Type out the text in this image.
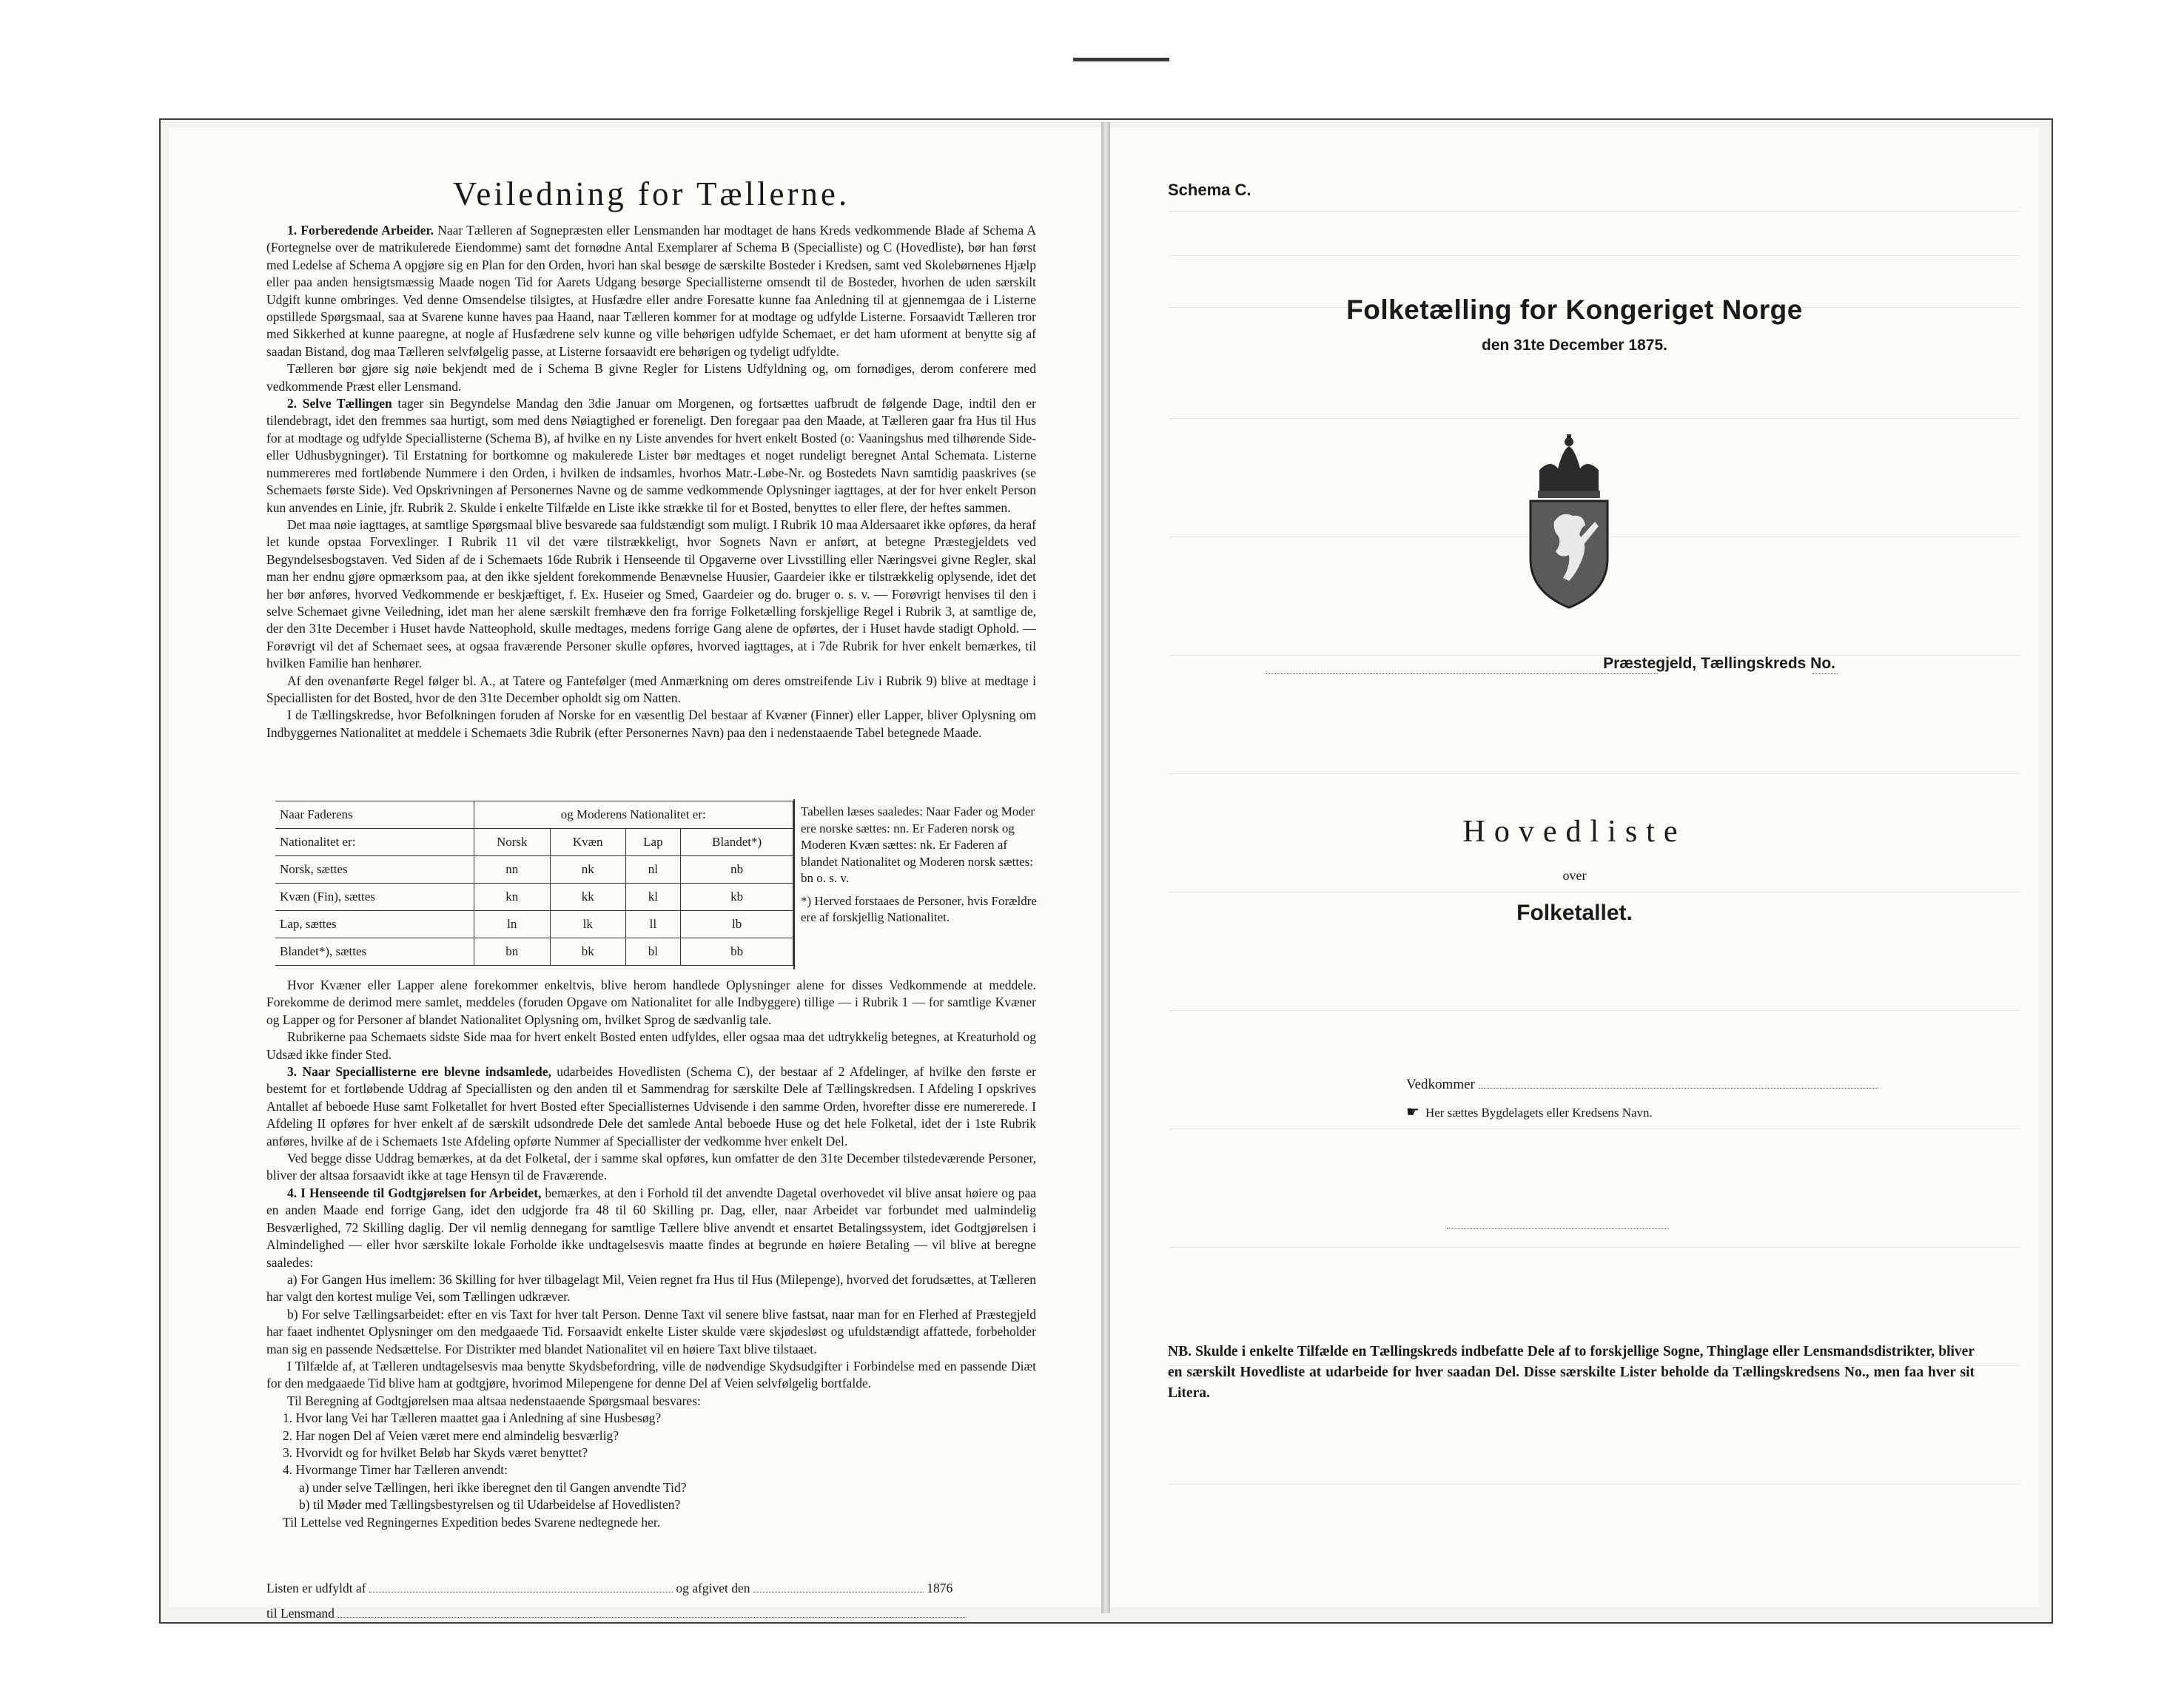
Veiledning for Tællerne.

1. Forberedende Arbeider. Naar Tælleren af Sognepræsten eller Lensmanden har modtaget de hans Kreds vedkommende Blade af Schema A (Fortegnelse over de matrikulerede Eiendomme) samt det fornødne Antal Exemplarer af Schema B (Specialliste) og C (Hovedliste), bør han først med Ledelse af Schema A opgjøre sig en Plan for den Orden, hvori han skal besøge de særskilte Bosteder i Kredsen, samt ved Skolebørnenes Hjælp eller paa anden hensigtsmæssig Maade nogen Tid for Aarets Udgang besørge Speciallisterne omsendt til de Bosteder, hvorhen de uden særskilt Udgift kunne ombringes. Ved denne Omsendelse tilsigtes, at Husfædre eller andre Foresatte kunne faa Anledning til at gjennemgaa de i Listerne opstillede Spørgsmaal, saa at Svarene kunne haves paa Haand, naar Tælleren kommer for at modtage og udfylde Listerne. Forsaavidt Tælleren tror med Sikkerhed at kunne paaregne, at nogle af Husfædrene selv kunne og ville behørigen udfylde Schemaet, er det ham uforment at benytte sig af saadan Bistand, dog maa Tælleren selvfølgelig passe, at Listerne forsaavidt ere behørigen og tydeligt udfyldte.

Tælleren bør gjøre sig nøie bekjendt med de i Schema B givne Regler for Listens Udfyldning og, om fornødiges, derom conferere med vedkommende Præst eller Lensmand.

2. Selve Tællingen tager sin Begyndelse Mandag den 3die Januar om Morgenen, og fortsættes uafbrudt de følgende Dage, indtil den er tilendebragt, idet den fremmes saa hurtigt, som med dens Nøiagtighed er foreneligt. Den foregaar paa den Maade, at Tælleren gaar fra Hus til Hus for at modtage og udfylde Speciallisterne (Schema B), af hvilke en ny Liste anvendes for hvert enkelt Bosted (o: Vaaningshus med tilhørende Side- eller Udhusbygninger). Til Erstatning for bortkomne og makulerede Lister bør medtages et noget rundeligt beregnet Antal Schemata. Listerne nummereres med fortløbende Nummere i den Orden, i hvilken de indsamles, hvorhos Matr.-Løbe-Nr. og Bostedets Navn samtidig paaskrives (se Schemaets første Side). Ved Opskrivningen af Personernes Navne og de samme vedkommende Oplysninger iagttages, at der for hver enkelt Person kun anvendes en Linie, jfr. Rubrik 2. Skulde i enkelte Tilfælde en Liste ikke strække til for et Bosted, benyttes to eller flere, der heftes sammen.

Det maa nøie iagttages, at samtlige Spørgsmaal blive besvarede saa fuldstændigt som muligt. I Rubrik 10 maa Aldersaaret ikke opføres, da heraf let kunde opstaa Forvexlinger. I Rubrik 11 vil det være tilstrækkeligt, hvor Sognets Navn er anført, at betegne Præstegjeldets ved Begyndelsesbogstaven. Ved Siden af de i Schemaets 16de Rubrik i Henseende til Opgaverne over Livsstilling eller Næringsvei givne Regler, skal man her endnu gjøre opmærksom paa, at den ikke sjeldent forekommende Benævnelse Huusier, Gaardeier ikke er tilstrækkelig oplysende, idet det her bør anføres, hvorved Vedkommende er beskjæftiget, f. Ex. Huseier og Smed, Gaardeier og do. bruger o. s. v. — Forøvrigt henvises til den i selve Schemaet givne Veiledning, idet man her alene særskilt fremhæve den fra forrige Folketælling forskjellige Regel i Rubrik 3, at samtlige de, der den 31te December i Huset havde Natteophold, skulle medtages, medens forrige Gang alene de opførtes, der i Huset havde stadigt Ophold. — Forøvrigt vil det af Schemaet sees, at ogsaa fraværende Personer skulle opføres, hvorved iagttages, at i 7de Rubrik for hver enkelt bemærkes, til hvilken Familie han henhører.

Af den ovenanførte Regel følger bl. A., at Tatere og Fantefølger (med Anmærkning om deres omstreifende Liv i Rubrik 9) blive at medtage i Speciallisten for det Bosted, hvor de den 31te December opholdt sig om Natten.

I de Tællingskredse, hvor Befolkningen foruden af Norske for en væsentlig Del bestaar af Kvæner (Finner) eller Lapper, bliver Oplysning om Indbyggernes Nationalitet at meddele i Schemaets 3die Rubrik (efter Personernes Navn) paa den i nedenstaaende Tabel betegnede Maade.

Naar Faderens	og Moderens Nationalitet er:			
Nationalitet er:	Norsk	Kvæn	Lap	Blandet*)
Norsk, sættes	nn	nk	nl	nb
Kvæn (Fin), sættes	kn	kk	kl	kb
Lap, sættes	ln	lk	ll	lb
Blandet*), sættes	bn	bk	bl	bb
Tabellen læses saaledes: Naar Fader og Moder ere norske sættes: nn. Er Faderen norsk og Moderen Kvæn sættes: nk. Er Faderen af blandet Nationalitet og Moderen norsk sættes: bn o. s. v.
*) Herved forstaaes de Personer, hvis Forældre ere af forskjellig Nationalitet.

Hvor Kvæner eller Lapper alene forekommer enkeltvis, blive herom handlede Oplysninger alene for disses Vedkommende at meddele. Forekomme de derimod mere samlet, meddeles (foruden Opgave om Nationalitet for alle Indbyggere) tillige — i Rubrik 1 — for samtlige Kvæner og Lapper og for Personer af blandet Nationalitet Oplysning om, hvilket Sprog de sædvanlig tale.

Rubrikerne paa Schemaets sidste Side maa for hvert enkelt Bosted enten udfyldes, eller ogsaa maa det udtrykkelig betegnes, at Kreaturhold og Udsæd ikke finder Sted.

3. Naar Speciallisterne ere blevne indsamlede, udarbeides Hovedlisten (Schema C), der bestaar af 2 Afdelinger, af hvilke den første er bestemt for et fortløbende Uddrag af Speciallisten og den anden til et Sammendrag for særskilte Dele af Tællingskredsen. I Afdeling I opskrives Antallet af beboede Huse samt Folketallet for hvert Bosted efter Speciallisternes Udvisende i den samme Orden, hvorefter disse ere numererede. I Afdeling II opføres for hver enkelt af de særskilt udsondrede Dele det samlede Antal beboede Huse og det hele Folketal, idet der i 1ste Rubrik anføres, hvilke af de i Schemaets 1ste Afdeling opførte Nummer af Speciallister der vedkomme hver enkelt Del.

Ved begge disse Uddrag bemærkes, at da det Folketal, der i samme skal opføres, kun omfatter de den 31te December tilstedeværende Personer, bliver der altsaa forsaavidt ikke at tage Hensyn til de Fraværende.

4. I Henseende til Godtgjørelsen for Arbeidet, bemærkes, at den i Forhold til det anvendte Dagetal overhovedet vil blive ansat høiere og paa en anden Maade end forrige Gang, idet den udgjorde fra 48 til 60 Skilling pr. Dag, eller, naar Arbeidet var forbundet med ualmindelig Besværlighed, 72 Skilling daglig. Der vil nemlig dennegang for samtlige Tællere blive anvendt et ensartet Betalingssystem, idet Godtgjørelsen i Almindelighed — eller hvor særskilte lokale Forholde ikke undtagelsesvis maatte findes at begrunde en høiere Betaling — vil blive at beregne saaledes:

a) For Gangen Hus imellem: 36 Skilling for hver tilbagelagt Mil, Veien regnet fra Hus til Hus (Milepenge), hvorved det forudsættes, at Tælleren har valgt den kortest mulige Vei, som Tællingen udkræver.

b) For selve Tællingsarbeidet: efter en vis Taxt for hver talt Person. Denne Taxt vil senere blive fastsat, naar man for en Flerhed af Præstegjeld har faaet indhentet Oplysninger om den medgaaede Tid. Forsaavidt enkelte Lister skulde være skjødesløst og ufuldstændigt affattede, forbeholder man sig en passende Nedsættelse. For Distrikter med blandet Nationalitet vil en høiere Taxt blive tilstaaet.

I Tilfælde af, at Tælleren undtagelsesvis maa benytte Skydsbefordring, ville de nødvendige Skydsudgifter i Forbindelse med en passende Diæt for den medgaaede Tid blive ham at godtgjøre, hvorimod Milepengene for denne Del af Veien selvfølgelig bortfalde.

Til Beregning af Godtgjørelsen maa altsaa nedenstaaende Spørgsmaal besvares:

1. Hvor lang Vei har Tælleren maattet gaa i Anledning af sine Husbesøg?
2. Har nogen Del af Veien været mere end almindelig besværlig?
3. Hvorvidt og for hvilket Beløb har Skyds været benyttet?
4. Hvormange Timer har Tælleren anvendt:
a) under selve Tællingen, heri ikke iberegnet den til Gangen anvendte Tid?
b) til Møder med Tællingsbestyrelsen og til Udarbeidelse af Hovedlisten?
Til Lettelse ved Regningernes Expedition bedes Svarene nedtegnede her.
Listen er udfyldt af	og afgivet den	1876
til Lensmand
Schema C.
Folketælling for Kongeriget Norge
den 31te December 1875.
Præstegjeld, Tællingskreds No.
Hovedliste
over
Folketallet.
Vedkommer
☛ Her sættes Bygdelagets eller Kredsens Navn.
NB. Skulde i enkelte Tilfælde en Tællingskreds indbefatte Dele af to forskjellige Sogne, Thinglage eller Lensmandsdistrikter, bliver en særskilt Hovedliste at udarbeide for hver saadan Del. Disse særskilte Lister beholde da Tællingskredsens No., men faa hver sit Litera.
